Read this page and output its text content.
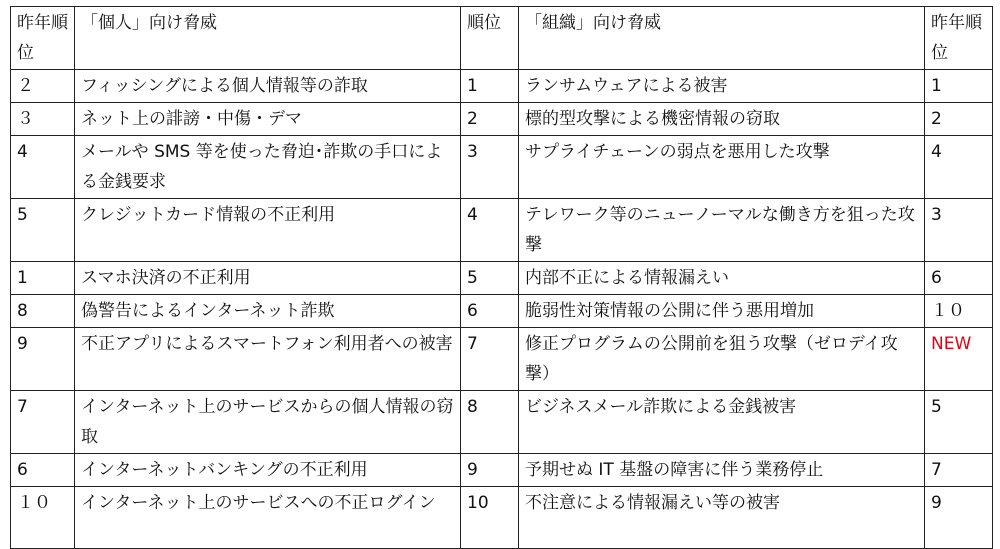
昨年順位	「個人」向け脅威	順位	「組織」向け脅威	昨年順位
２	フィッシングによる個人情報等の詐取	1	ランサムウェアによる被害	1
３	ネット上の誹謗・中傷・デマ	2	標的型攻撃による機密情報の窃取	2
4	メールや SMS 等を使った脅迫･詐欺の手口による金銭要求	3	サプライチェーンの弱点を悪用した攻撃	4
5	クレジットカード情報の不正利用	4	テレワーク等のニューノーマルな働き方を狙った攻撃	3
1	スマホ決済の不正利用	5	内部不正による情報漏えい	6
8	偽警告によるインターネット詐欺	6	脆弱性対策情報の公開に伴う悪用増加	１０
9	不正アプリによるスマートフォン利用者への被害	7	修正プログラムの公開前を狙う攻撃（ゼロデイ攻撃）	NEW
7	インターネット上のサービスからの個人情報の窃取	8	ビジネスメール詐欺による金銭被害	5
6	インターネットバンキングの不正利用	9	予期せぬ IT 基盤の障害に伴う業務停止	7
１０	インターネット上のサービスへの不正ログイン	10	不注意による情報漏えい等の被害	9
